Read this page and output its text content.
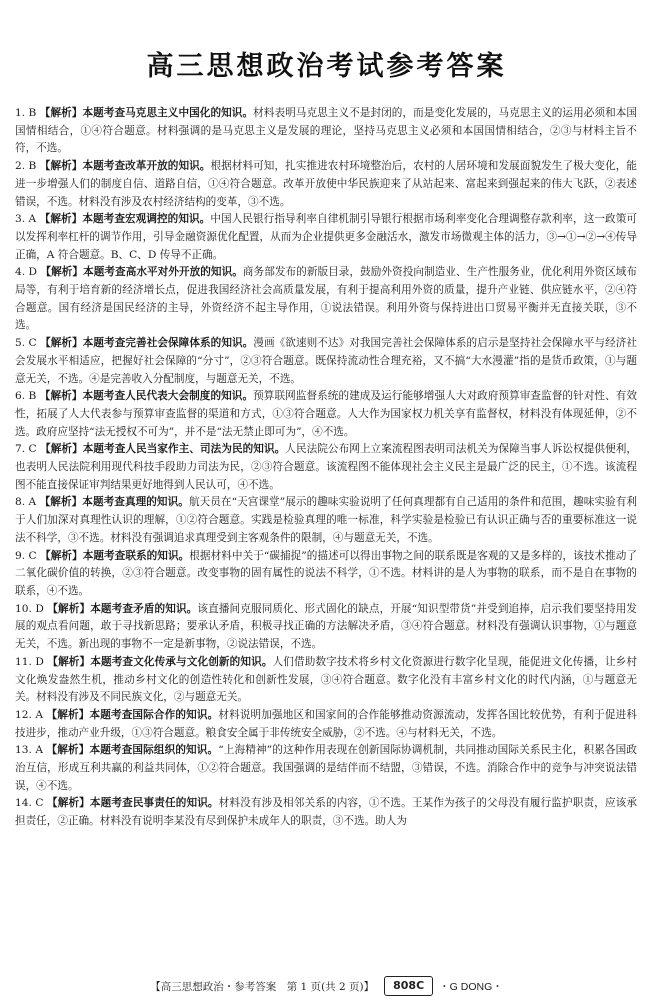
高三思想政治考试参考答案

1. B 【解析】本题考查马克思主义中国化的知识。材料表明马克思主义不是封闭的，而是变化发展的，马克思主义的运用必须和本国国情相结合，①④符合题意。材料强调的是马克思主义是发展的理论，坚持马克思主义必须和本国国情相结合，②③与材料主旨不符，不选。

2. B 【解析】本题考查改革开放的知识。根据材料可知，扎实推进农村环境整治后，农村的人居环境和发展面貌发生了极大变化，能进一步增强人们的制度自信、道路自信，①④符合题意。改革开放使中华民族迎来了从站起来、富起来到强起来的伟大飞跃，②表述错误，不选。材料没有涉及农村经济结构的变革，③不选。

3. A 【解析】本题考查宏观调控的知识。中国人民银行指导利率自律机制引导银行根据市场利率变化合理调整存款利率，这一政策可以发挥利率杠杆的调节作用，引导金融资源优化配置，从而为企业提供更多金融活水，激发市场微观主体的活力，③→①→②→④传导正确，A 符合题意。B、C、D 传导不正确。

4. D 【解析】本题考查高水平对外开放的知识。商务部发布的新版目录，鼓励外资投向制造业、生产性服务业，优化利用外资区域布局等，有利于培育新的经济增长点，促进我国经济社会高质量发展，有利于提高利用外资的质量，提升产业链、供应链水平，②④符合题意。国有经济是国民经济的主导，外资经济不起主导作用，①说法错误。利用外资与保持进出口贸易平衡并无直接关联，③不选。

5. C 【解析】本题考查完善社会保障体系的知识。漫画《欲速则不达》对我国完善社会保障体系的启示是坚持社会保障水平与经济社会发展水平相适应，把握好社会保障的“分寸”，②③符合题意。既保持流动性合理充裕，又不搞“大水漫灌”指的是货币政策，①与题意无关，不选。④是完善收入分配制度，与题意无关，不选。

6. B 【解析】本题考查人民代表大会制度的知识。预算联网监督系统的建成及运行能够增强人大对政府预算审查监督的针对性、有效性，拓展了人大代表参与预算审查监督的渠道和方式，①③符合题意。人大作为国家权力机关享有监督权，材料没有体现延伸，②不选。政府应坚持“法无授权不可为”，并不是“法无禁止即可为”，④不选。

7. C 【解析】本题考查人民当家作主、司法为民的知识。人民法院公布网上立案流程图表明司法机关为保障当事人诉讼权提供便利，也表明人民法院利用现代科技手段助力司法为民，②③符合题意。该流程图不能体现社会主义民主是最广泛的民主，①不选。该流程图不能直接保证审判结果更好地得到人民认可，④不选。

8. A 【解析】本题考查真理的知识。航天员在“天宫课堂”展示的趣味实验说明了任何真理都有自己适用的条件和范围，趣味实验有利于人们加深对真理性认识的理解，①②符合题意。实践是检验真理的唯一标准，科学实验是检验已有认识正确与否的重要标准这一说法不科学，③不选。材料没有强调追求真理受到主客观条件的限制，④与题意无关，不选。

9. C 【解析】本题考查联系的知识。根据材料中关于“碳捕捉”的描述可以得出事物之间的联系既是客观的又是多样的，该技术推动了二氧化碳价值的转换，②③符合题意。改变事物的固有属性的说法不科学，①不选。材料讲的是人为事物的联系，而不是自在事物的联系，④不选。

10. D 【解析】本题考查矛盾的知识。该直播间克服同质化、形式固化的缺点，开展“知识型带货”并受到追捧，启示我们要坚持用发展的观点看问题，敢于寻找新思路；要承认矛盾，积极寻找正确的方法解决矛盾，③④符合题意。材料没有强调认识事物，①与题意无关，不选。新出现的事物不一定是新事物，②说法错误，不选。

11. D 【解析】本题考查文化传承与文化创新的知识。人们借助数字技术将乡村文化资源进行数字化呈现，能促进文化传播，让乡村文化焕发盎然生机，推动乡村文化的创造性转化和创新性发展，③④符合题意。数字化没有丰富乡村文化的时代内涵，①与题意无关。材料没有涉及不同民族文化，②与题意无关。

12. A 【解析】本题考查国际合作的知识。材料说明加强地区和国家间的合作能够推动资源流动，发挥各国比较优势，有利于促进科技进步，推动产业升级，①③符合题意。粮食安全属于非传统安全威胁，②不选。④与材料无关，不选。

13. A 【解析】本题考查国际组织的知识。“上海精神”的这种作用表现在创新国际协调机制，共同推动国际关系民主化，积累各国政治互信，形成互利共赢的利益共同体，①②符合题意。我国强调的是结伴而不结盟，③错误，不选。消除合作中的竞争与冲突说法错误，④不选。

14. C 【解析】本题考查民事责任的知识。材料没有涉及相邻关系的内容，①不选。王某作为孩子的父母没有履行监护职责，应该承担责任，②正确。材料没有说明李某没有尽到保护未成年人的职责，③不选。助人为

【高三思想政治・参考答案　第 1 页(共 2 页)】	808C	・G DONG・
